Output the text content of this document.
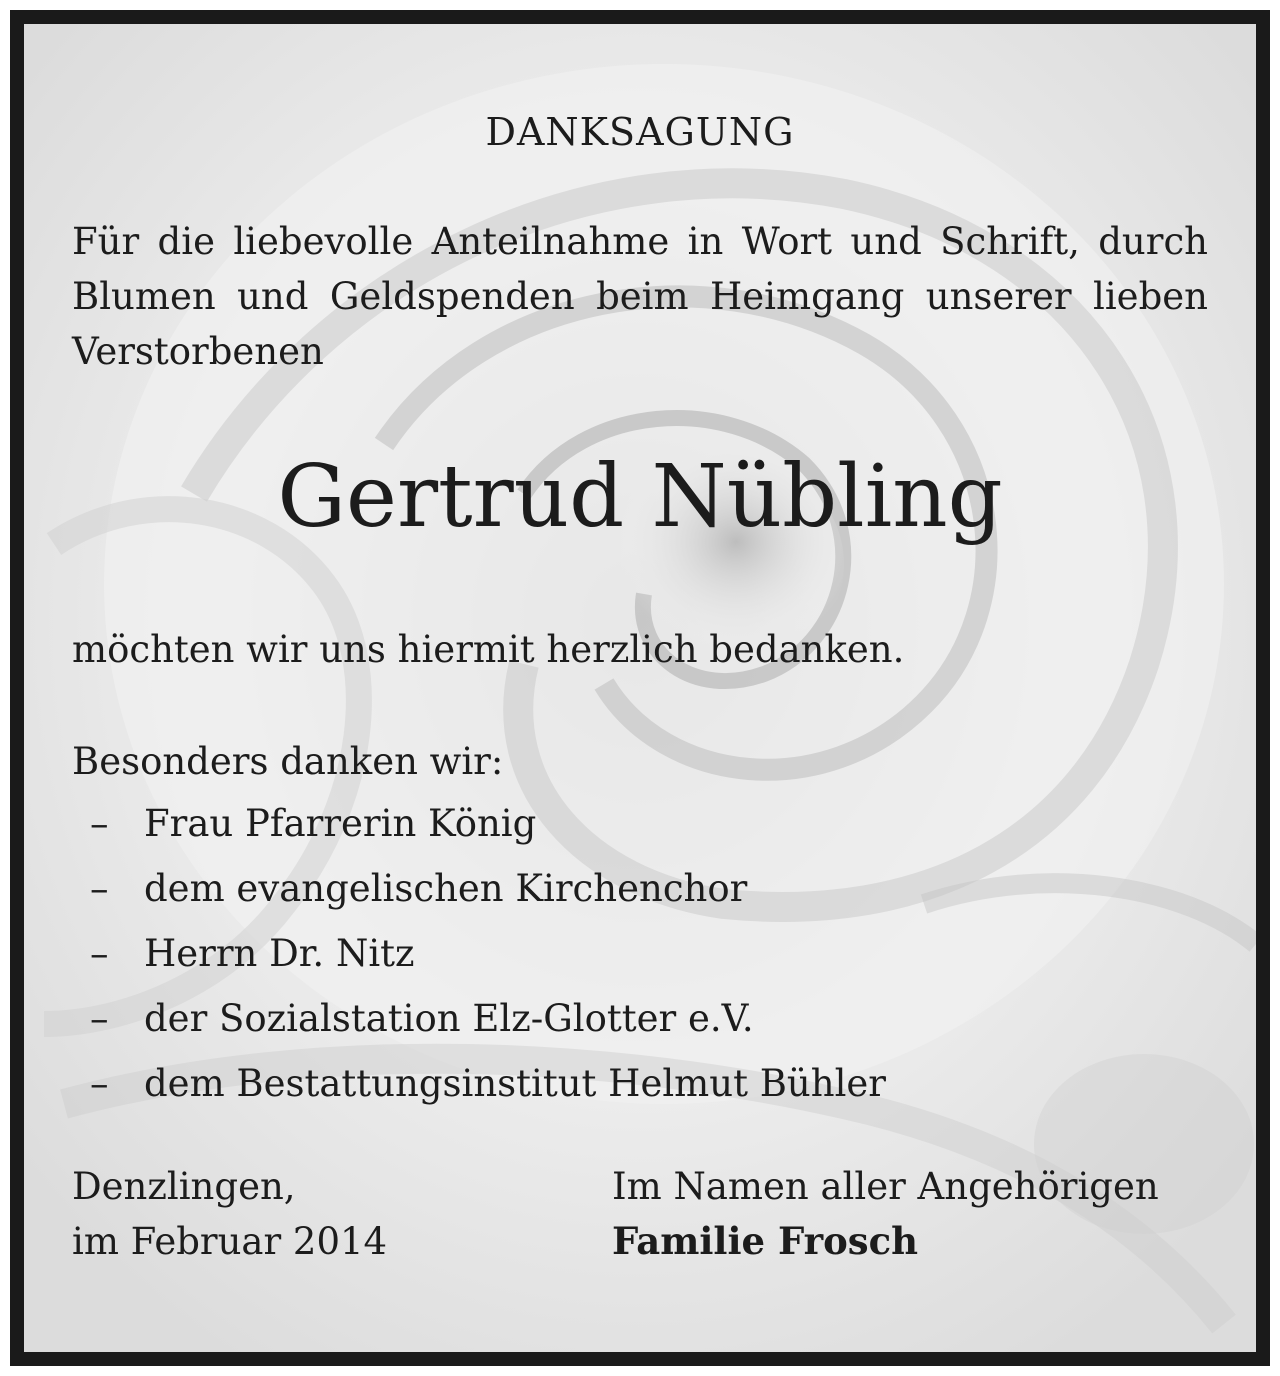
DANKSAGUNG
Für die liebevolle Anteilnahme in Wort und Schrift, durch
Blumen und Geldspenden beim Heimgang unserer lieben
Verstorbenen
Gertrud Nübling
möchten wir uns hiermit herzlich bedanken.
Besonders danken wir:
– Frau Pfarrerin König
– dem evangelischen Kirchenchor
– Herrn Dr. Nitz
– der Sozialstation Elz-Glotter e.V.
– dem Bestattungsinstitut Helmut Bühler
Denzlingen,
im Februar 2014
Im Namen aller Angehörigen
Familie Frosch
